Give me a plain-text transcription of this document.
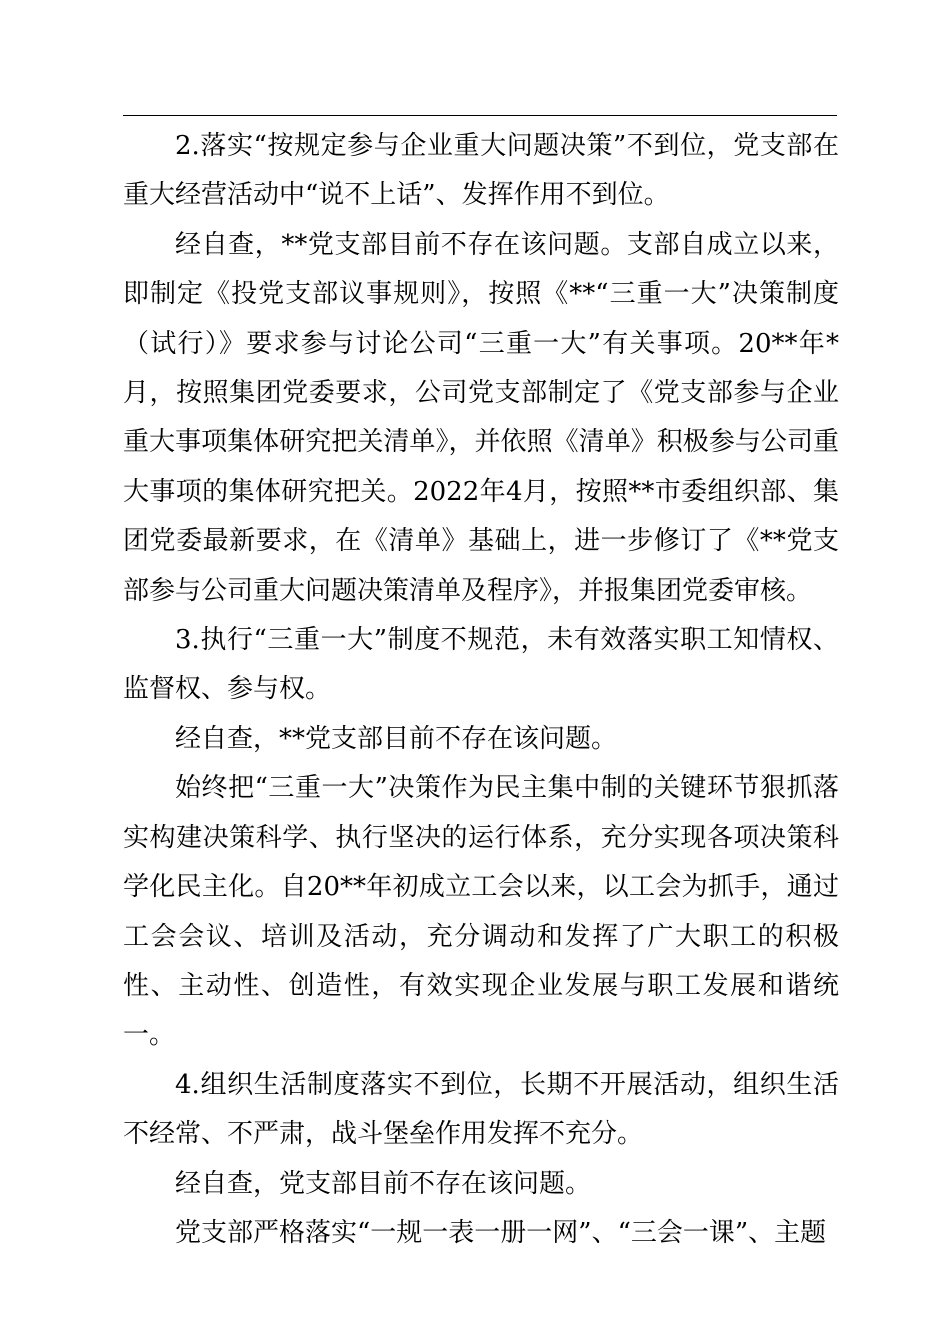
2.落实“按规定参与企业重大问题决策”不到位，党支部在重大经营活动中“说不上话”、发挥作用不到位。

经自查，**党支部目前不存在该问题。支部自成立以来，即制定《投党支部议事规则》，按照《**“三重一大”决策制度（试行）》要求参与讨论公司“三重一大”有关事项。20**年*月，按照集团党委要求，公司党支部制定了《党支部参与企业重大事项集体研究把关清单》，并依照《清单》积极参与公司重大事项的集体研究把关。2022年4月，按照**市委组织部、集团党委最新要求，在《清单》基础上，进一步修订了《**党支部参与公司重大问题决策清单及程序》，并报集团党委审核。

3.执行“三重一大”制度不规范，未有效落实职工知情权、监督权、参与权。

经自查，**党支部目前不存在该问题。

始终把“三重一大”决策作为民主集中制的关键环节狠抓落实构建决策科学、执行坚决的运行体系，充分实现各项决策科学化民主化。自20**年初成立工会以来，以工会为抓手，通过工会会议、培训及活动，充分调动和发挥了广大职工的积极性、主动性、创造性，有效实现企业发展与职工发展和谐统一。

4.组织生活制度落实不到位，长期不开展活动，组织生活不经常、不严肃，战斗堡垒作用发挥不充分。

经自查，党支部目前不存在该问题。

党支部严格落实“一规一表一册一网”、“三会一课”、主题
